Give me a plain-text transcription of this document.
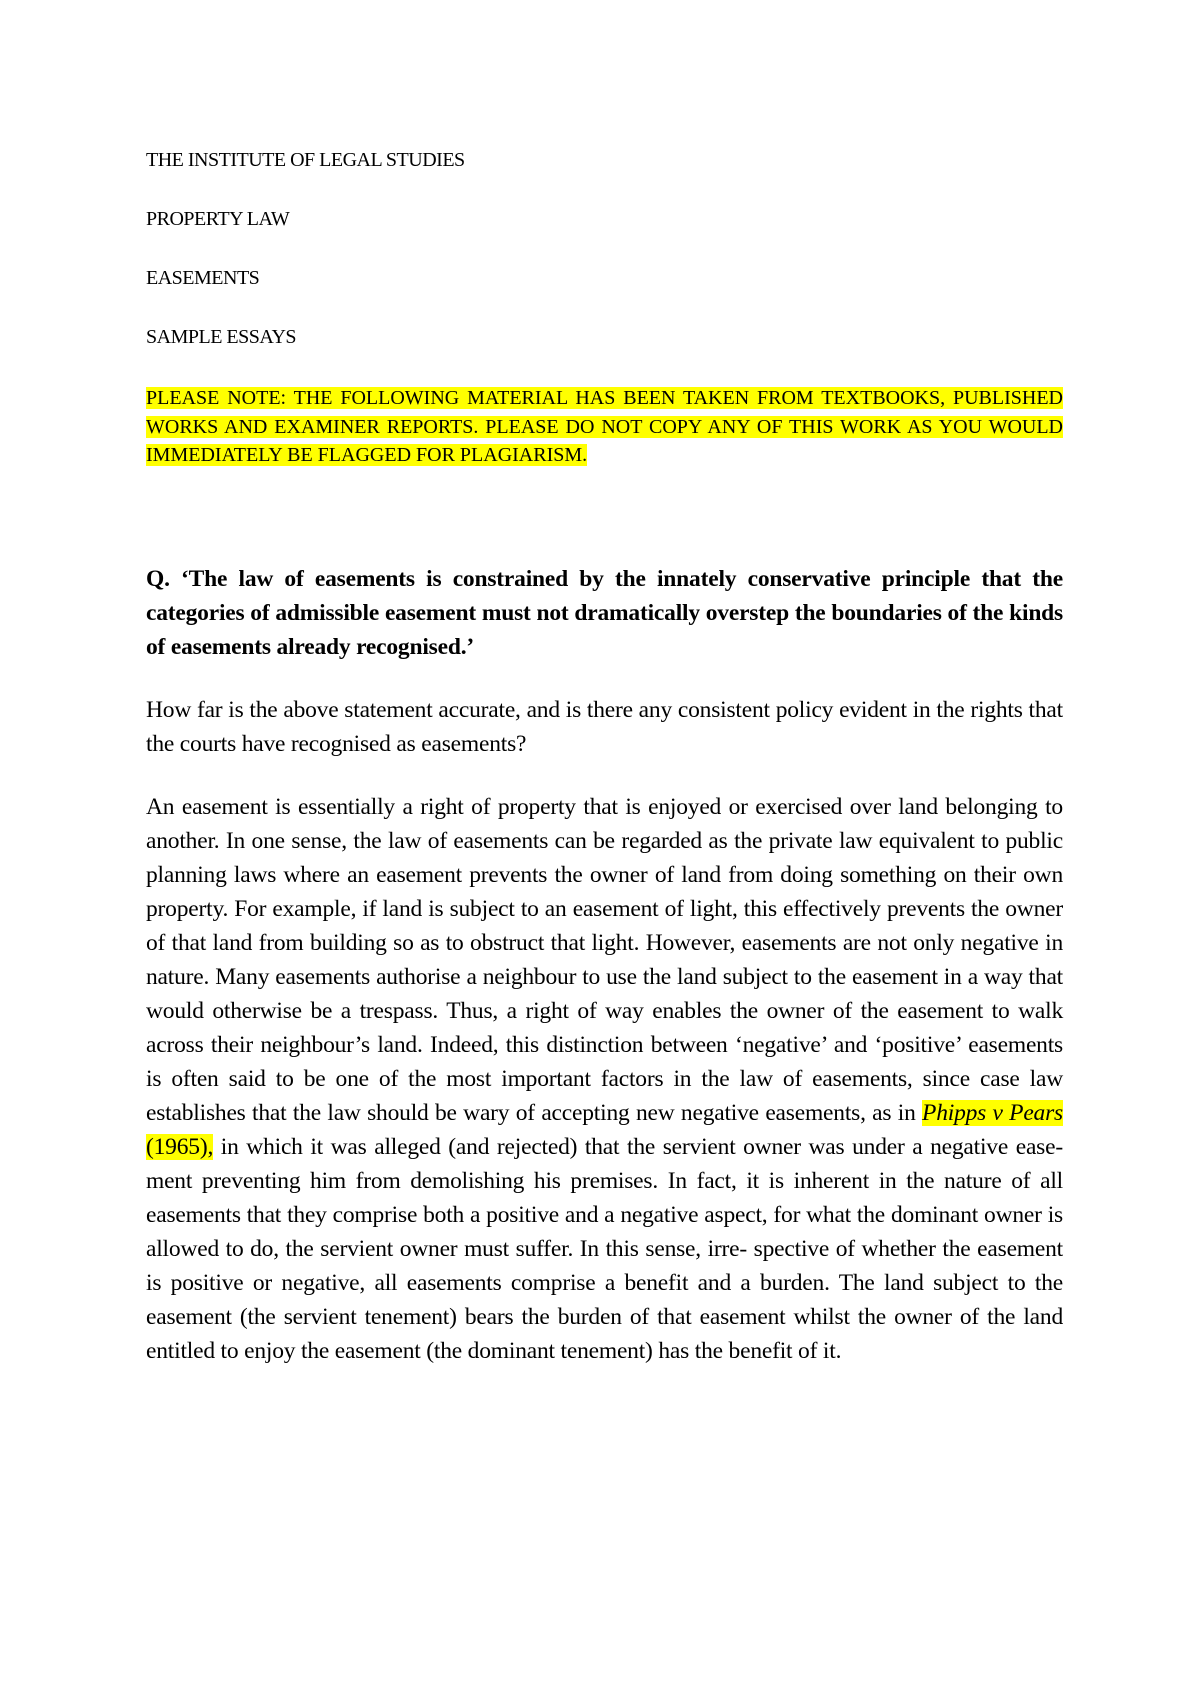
THE INSTITUTE OF LEGAL STUDIES
PROPERTY LAW
EASEMENTS
SAMPLE ESSAYS
PLEASE NOTE: THE FOLLOWING MATERIAL HAS BEEN TAKEN FROM TEXTBOOKS, PUBLISHED WORKS AND EXAMINER REPORTS. PLEASE DO NOT COPY ANY OF THIS WORK AS YOU WOULD IMMEDIATELY BE FLAGGED FOR PLAGIARISM.
Q. ‘The law of easements is constrained by the innately conservative principle that the categories of admissible easement must not dramatically overstep the boundaries of the kinds of easements already recognised.’
How far is the above statement accurate, and is there any consistent policy evident in the rights that the courts have recognised as easements?
An easement is essentially a right of property that is enjoyed or exercised over land belonging to another. In one sense, the law of easements can be regarded as the private law equivalent to public planning laws where an easement prevents the owner of land from doing something on their own property. For example, if land is subject to an easement of light, this effectively prevents the owner of that land from building so as to obstruct that light. However, easements are not only negative in nature. Many easements authorise a neighbour to use the land subject to the easement in a way that would otherwise be a trespass. Thus, a right of way enables the owner of the easement to walk across their neighbour’s land. Indeed, this distinction between ‘negative’ and ‘positive’ easements is often said to be one of the most important factors in the law of easements, since case law establishes that the law should be wary of accepting new negative easements, as in Phipps v Pears (1965), in which it was alleged (and rejected) that the servient owner was under a negative ease- ment preventing him from demolishing his premises. In fact, it is inherent in the nature of all easements that they comprise both a positive and a negative aspect, for what the dominant owner is allowed to do, the servient owner must suffer. In this sense, irre- spective of whether the easement is positive or negative, all easements comprise a benefit and a burden. The land subject to the easement (the servient tenement) bears the burden of that easement whilst the owner of the land entitled to enjoy the easement (the dominant tenement) has the benefit of it.
